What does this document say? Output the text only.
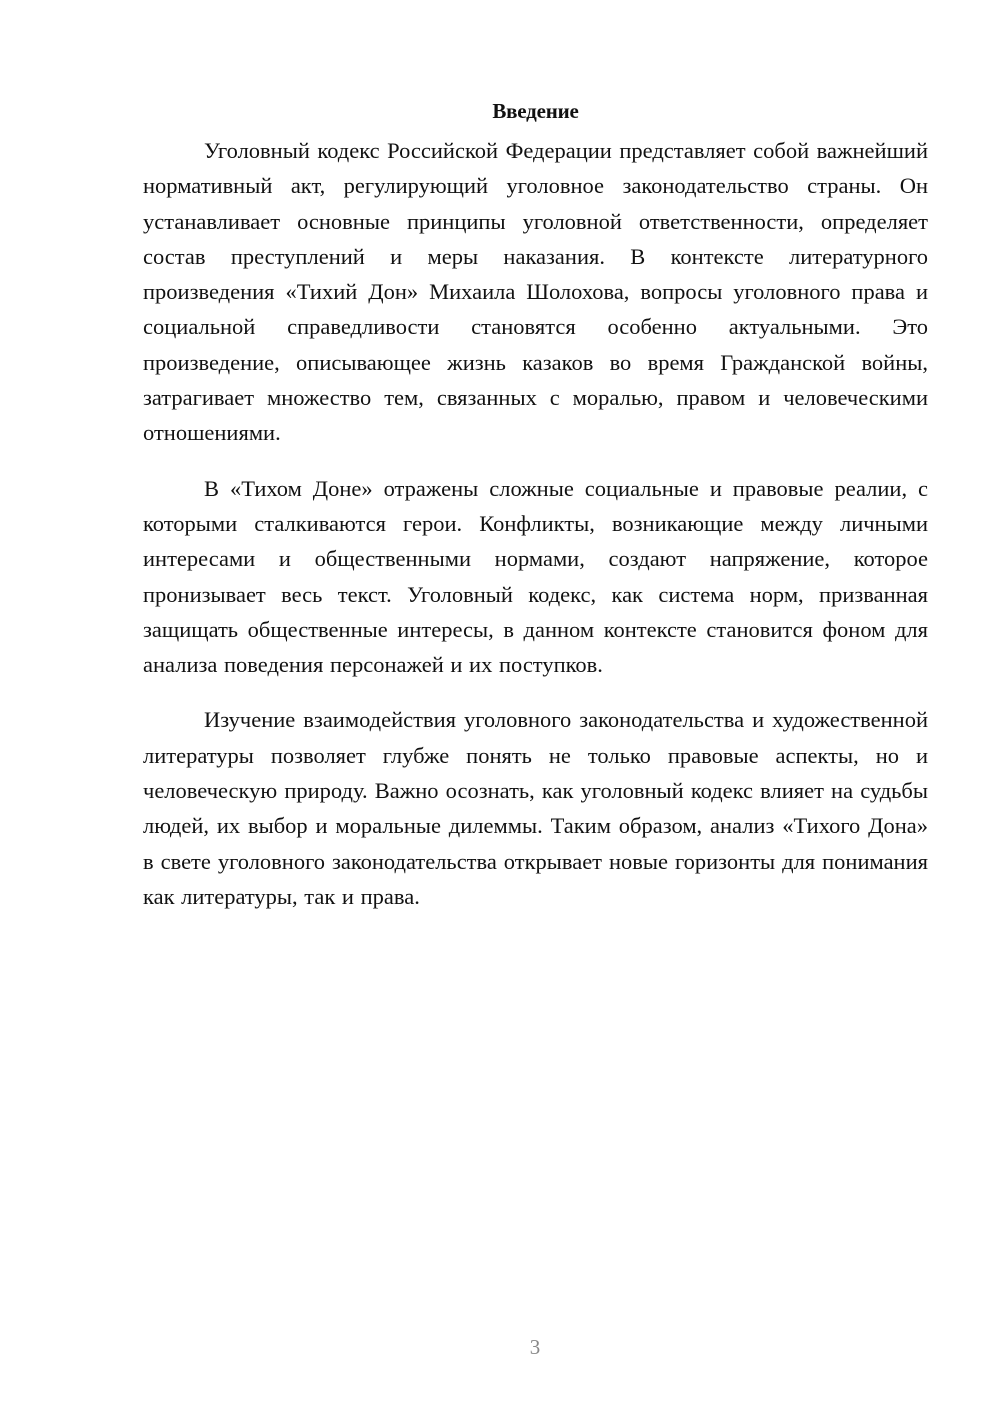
Введение

Уголовный кодекс Российской Федерации представляет собой важнейший нормативный акт, регулирующий уголовное законодательство страны. Он устанавливает основные принципы уголовной ответственности, определяет состав преступлений и меры наказания. В контексте литературного произведения «Тихий Дон» Михаила Шолохова, вопросы уголовного права и социальной справедливости становятся особенно актуальными. Это произведение, описывающее жизнь казаков во время Гражданской войны, затрагивает множество тем, связанных с моралью, правом и человеческими отношениями.

В «Тихом Доне» отражены сложные социальные и правовые реалии, с которыми сталкиваются герои. Конфликты, возникающие между личными интересами и общественными нормами, создают напряжение, которое пронизывает весь текст. Уголовный кодекс, как система норм, призванная защищать общественные интересы, в данном контексте становится фоном для анализа поведения персонажей и их поступков.

Изучение взаимодействия уголовного законодательства и художественной литературы позволяет глубже понять не только правовые аспекты, но и человеческую природу. Важно осознать, как уголовный кодекс влияет на судьбы людей, их выбор и моральные дилеммы. Таким образом, анализ «Тихого Дона» в свете уголовного законодательства открывает новые горизонты для понимания как литературы, так и права.

3
